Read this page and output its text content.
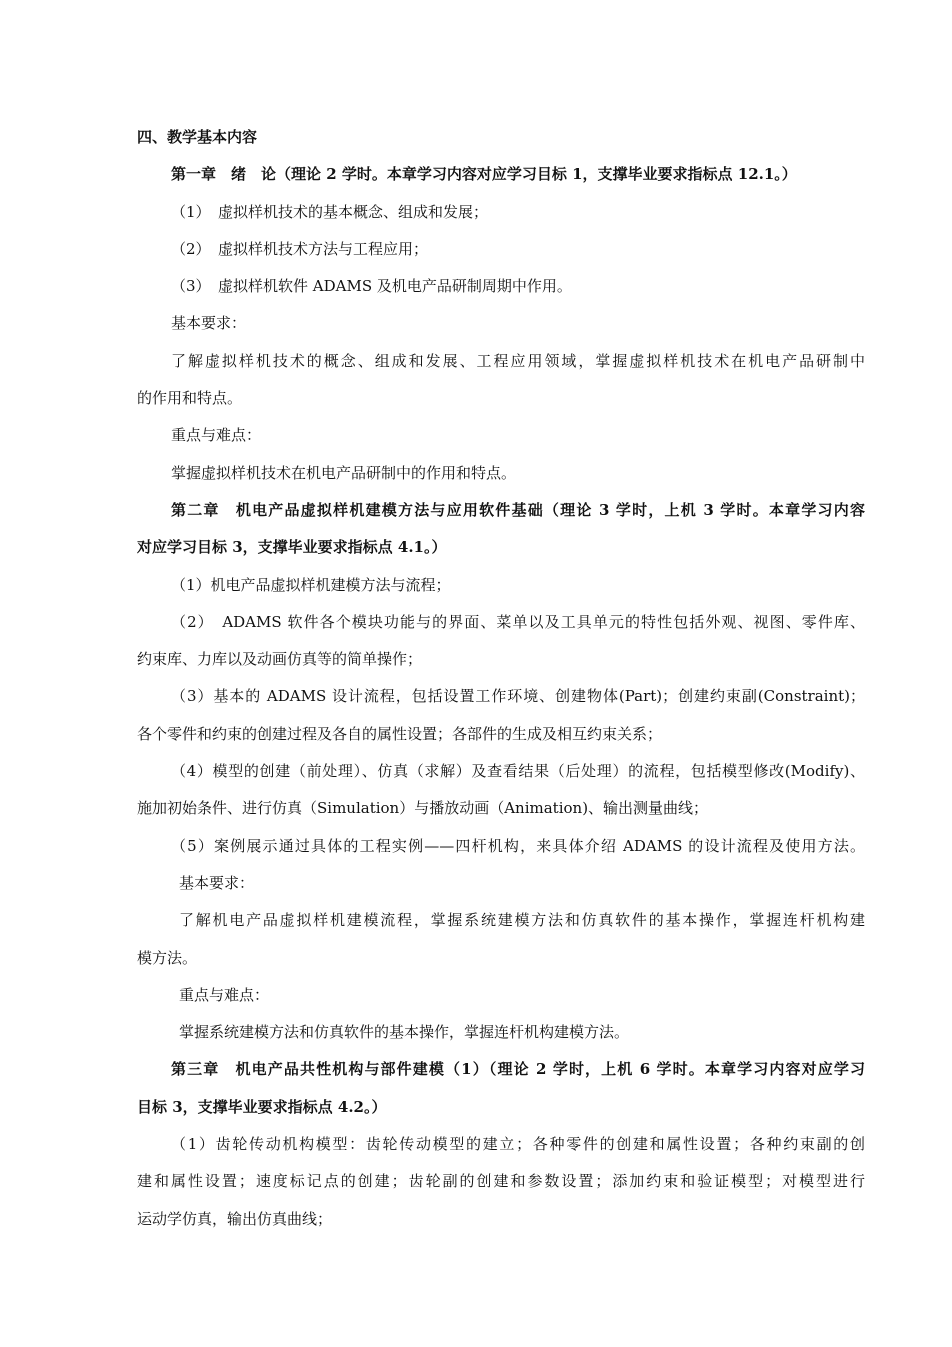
四、教学基本内容
第一章　绪　论（理论 2 学时。本章学习内容对应学习目标 1，支撑毕业要求指标点 12.1。）
（1）　虚拟样机技术的基本概念、组成和发展；
（2）　虚拟样机技术方法与工程应用；
（3）　虚拟样机软件 ADAMS 及机电产品研制周期中作用。
基本要求：
了解虚拟样机技术的概念、组成和发展、工程应用领域，掌握虚拟样机技术在机电产品研制中
的作用和特点。
重点与难点：
掌握虚拟样机技术在机电产品研制中的作用和特点。
第二章　机电产品虚拟样机建模方法与应用软件基础（理论 3 学时，上机 3 学时。本章学习内容
对应学习目标 3，支撑毕业要求指标点 4.1。）
（1）机电产品虚拟样机建模方法与流程；
（2）　ADAMS 软件各个模块功能与的界面、菜单以及工具单元的特性包括外观、视图、零件库、
约束库、力库以及动画仿真等的简单操作；
（3）基本的 ADAMS 设计流程，包括设置工作环境、创建物体(Part)；创建约束副(Constraint)；
各个零件和约束的创建过程及各自的属性设置；各部件的生成及相互约束关系；
（4）模型的创建（前处理）、仿真（求解）及查看结果（后处理）的流程，包括模型修改(Modify)、
施加初始条件、进行仿真（Simulation）与播放动画（Animation)、输出测量曲线；
（5）案例展示通过具体的工程实例——四杆机构，来具体介绍 ADAMS 的设计流程及使用方法。
基本要求：
了解机电产品虚拟样机建模流程，掌握系统建模方法和仿真软件的基本操作，掌握连杆机构建
模方法。
重点与难点：
掌握系统建模方法和仿真软件的基本操作，掌握连杆机构建模方法。
第三章　机电产品共性机构与部件建模（1）（理论 2 学时，上机 6 学时。本章学习内容对应学习
目标 3，支撑毕业要求指标点 4.2。）
（1）齿轮传动机构模型：齿轮传动模型的建立；各种零件的创建和属性设置；各种约束副的创
建和属性设置；速度标记点的创建；齿轮副的创建和参数设置；添加约束和验证模型；对模型进行
运动学仿真，输出仿真曲线；
